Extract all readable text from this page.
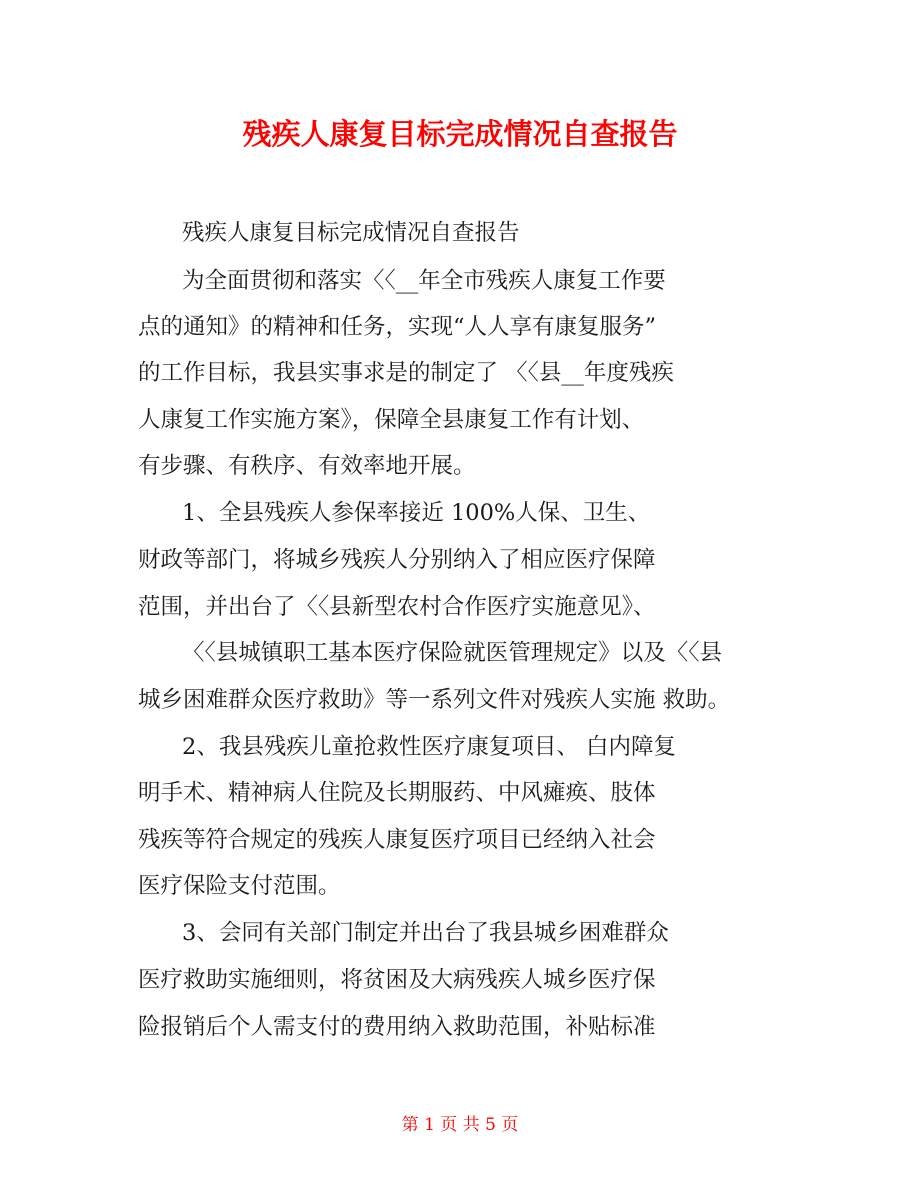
残疾人康复目标完成情况自查报告

残疾人康复目标完成情况自查报告

为全面贯彻和落实〈〈__年全市残疾人康复工作要

点的通知》的精神和任务，实现“人人享有康复服务”

的工作目标，我县实事求是的制定了 〈〈县__年度残疾

人康复工作实施方案》，保障全县康复工作有计划、

有步骤、有秩序、有效率地开展。

1、全县残疾人参保率接近 100%人保、卫生、

财政等部门，将城乡残疾人分别纳入了相应医疗保障

范围，并出台了〈〈县新型农村合作医疗实施意见》、

〈〈县城镇职工基本医疗保险就医管理规定》以及〈〈县

城乡困难群众医疗救助》等一系列文件对残疾人实施 救助。

2、我县残疾儿童抢救性医疗康复项目、 白内障复

明手术、精神病人住院及长期服药、中风瘫痪、肢体

残疾等符合规定的残疾人康复医疗项目已经纳入社会

医疗保险支付范围。

3、会同有关部门制定并出台了我县城乡困难群众

医疗救助实施细则，将贫困及大病残疾人城乡医疗保

险报销后个人需支付的费用纳入救助范围，补贴标准

第 1 页 共 5 页
